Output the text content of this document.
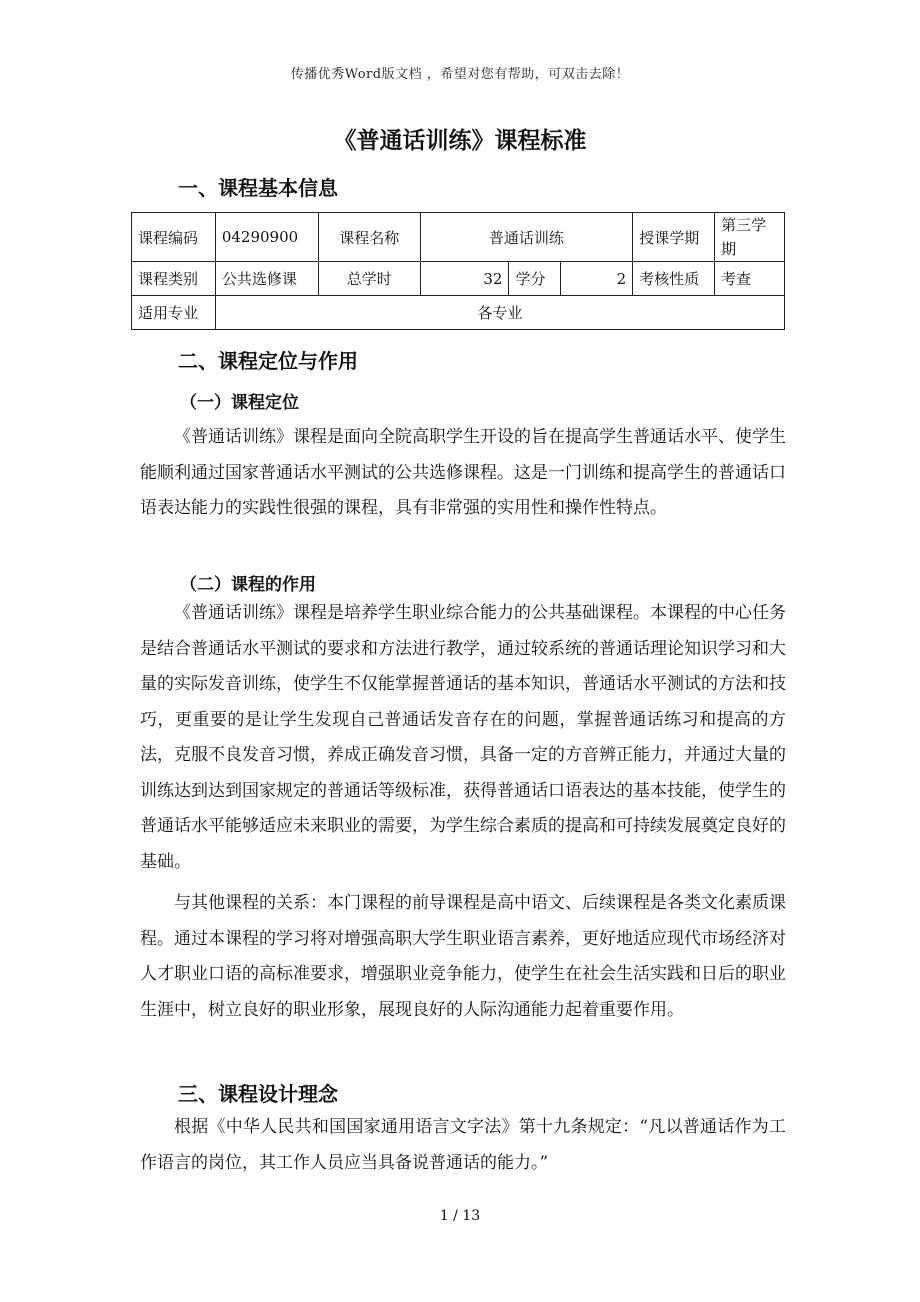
传播优秀Word版文档 ，希望对您有帮助，可双击去除！
《普通话训练》课程标准
一、课程基本信息
课程编码	04290900	课程名称	普通话训练			授课学期	第三学期
课程类别	公共选修课	总学时	32	学分	2	考核性质	考查
适用专业	各专业						
二、课程定位与作用
（一）课程定位
《普通话训练》课程是面向全院高职学生开设的旨在提高学生普通话水平、使学生能顺利通过国家普通话水平测试的公共选修课程。这是一门训练和提高学生的普通话口语表达能力的实践性很强的课程，具有非常强的实用性和操作性特点。
（二）课程的作用
《普通话训练》课程是培养学生职业综合能力的公共基础课程。本课程的中心任务是结合普通话水平测试的要求和方法进行教学，通过较系统的普通话理论知识学习和大量的实际发音训练，使学生不仅能掌握普通话的基本知识，普通话水平测试的方法和技巧，更重要的是让学生发现自己普通话发音存在的问题，掌握普通话练习和提高的方法，克服不良发音习惯，养成正确发音习惯，具备一定的方音辨正能力，并通过大量的训练达到达到国家规定的普通话等级标准，获得普通话口语表达的基本技能，使学生的普通话水平能够适应未来职业的需要，为学生综合素质的提高和可持续发展奠定良好的基础。
与其他课程的关系：本门课程的前导课程是高中语文、后续课程是各类文化素质课程。通过本课程的学习将对增强高职大学生职业语言素养，更好地适应现代市场经济对人才职业口语的高标准要求，增强职业竞争能力，使学生在社会生活实践和日后的职业生涯中，树立良好的职业形象，展现良好的人际沟通能力起着重要作用。
三、课程设计理念
根据《中华人民共和国国家通用语言文字法》第十九条规定：“凡以普通话作为工作语言的岗位，其工作人员应当具备说普通话的能力。”
1 / 13
